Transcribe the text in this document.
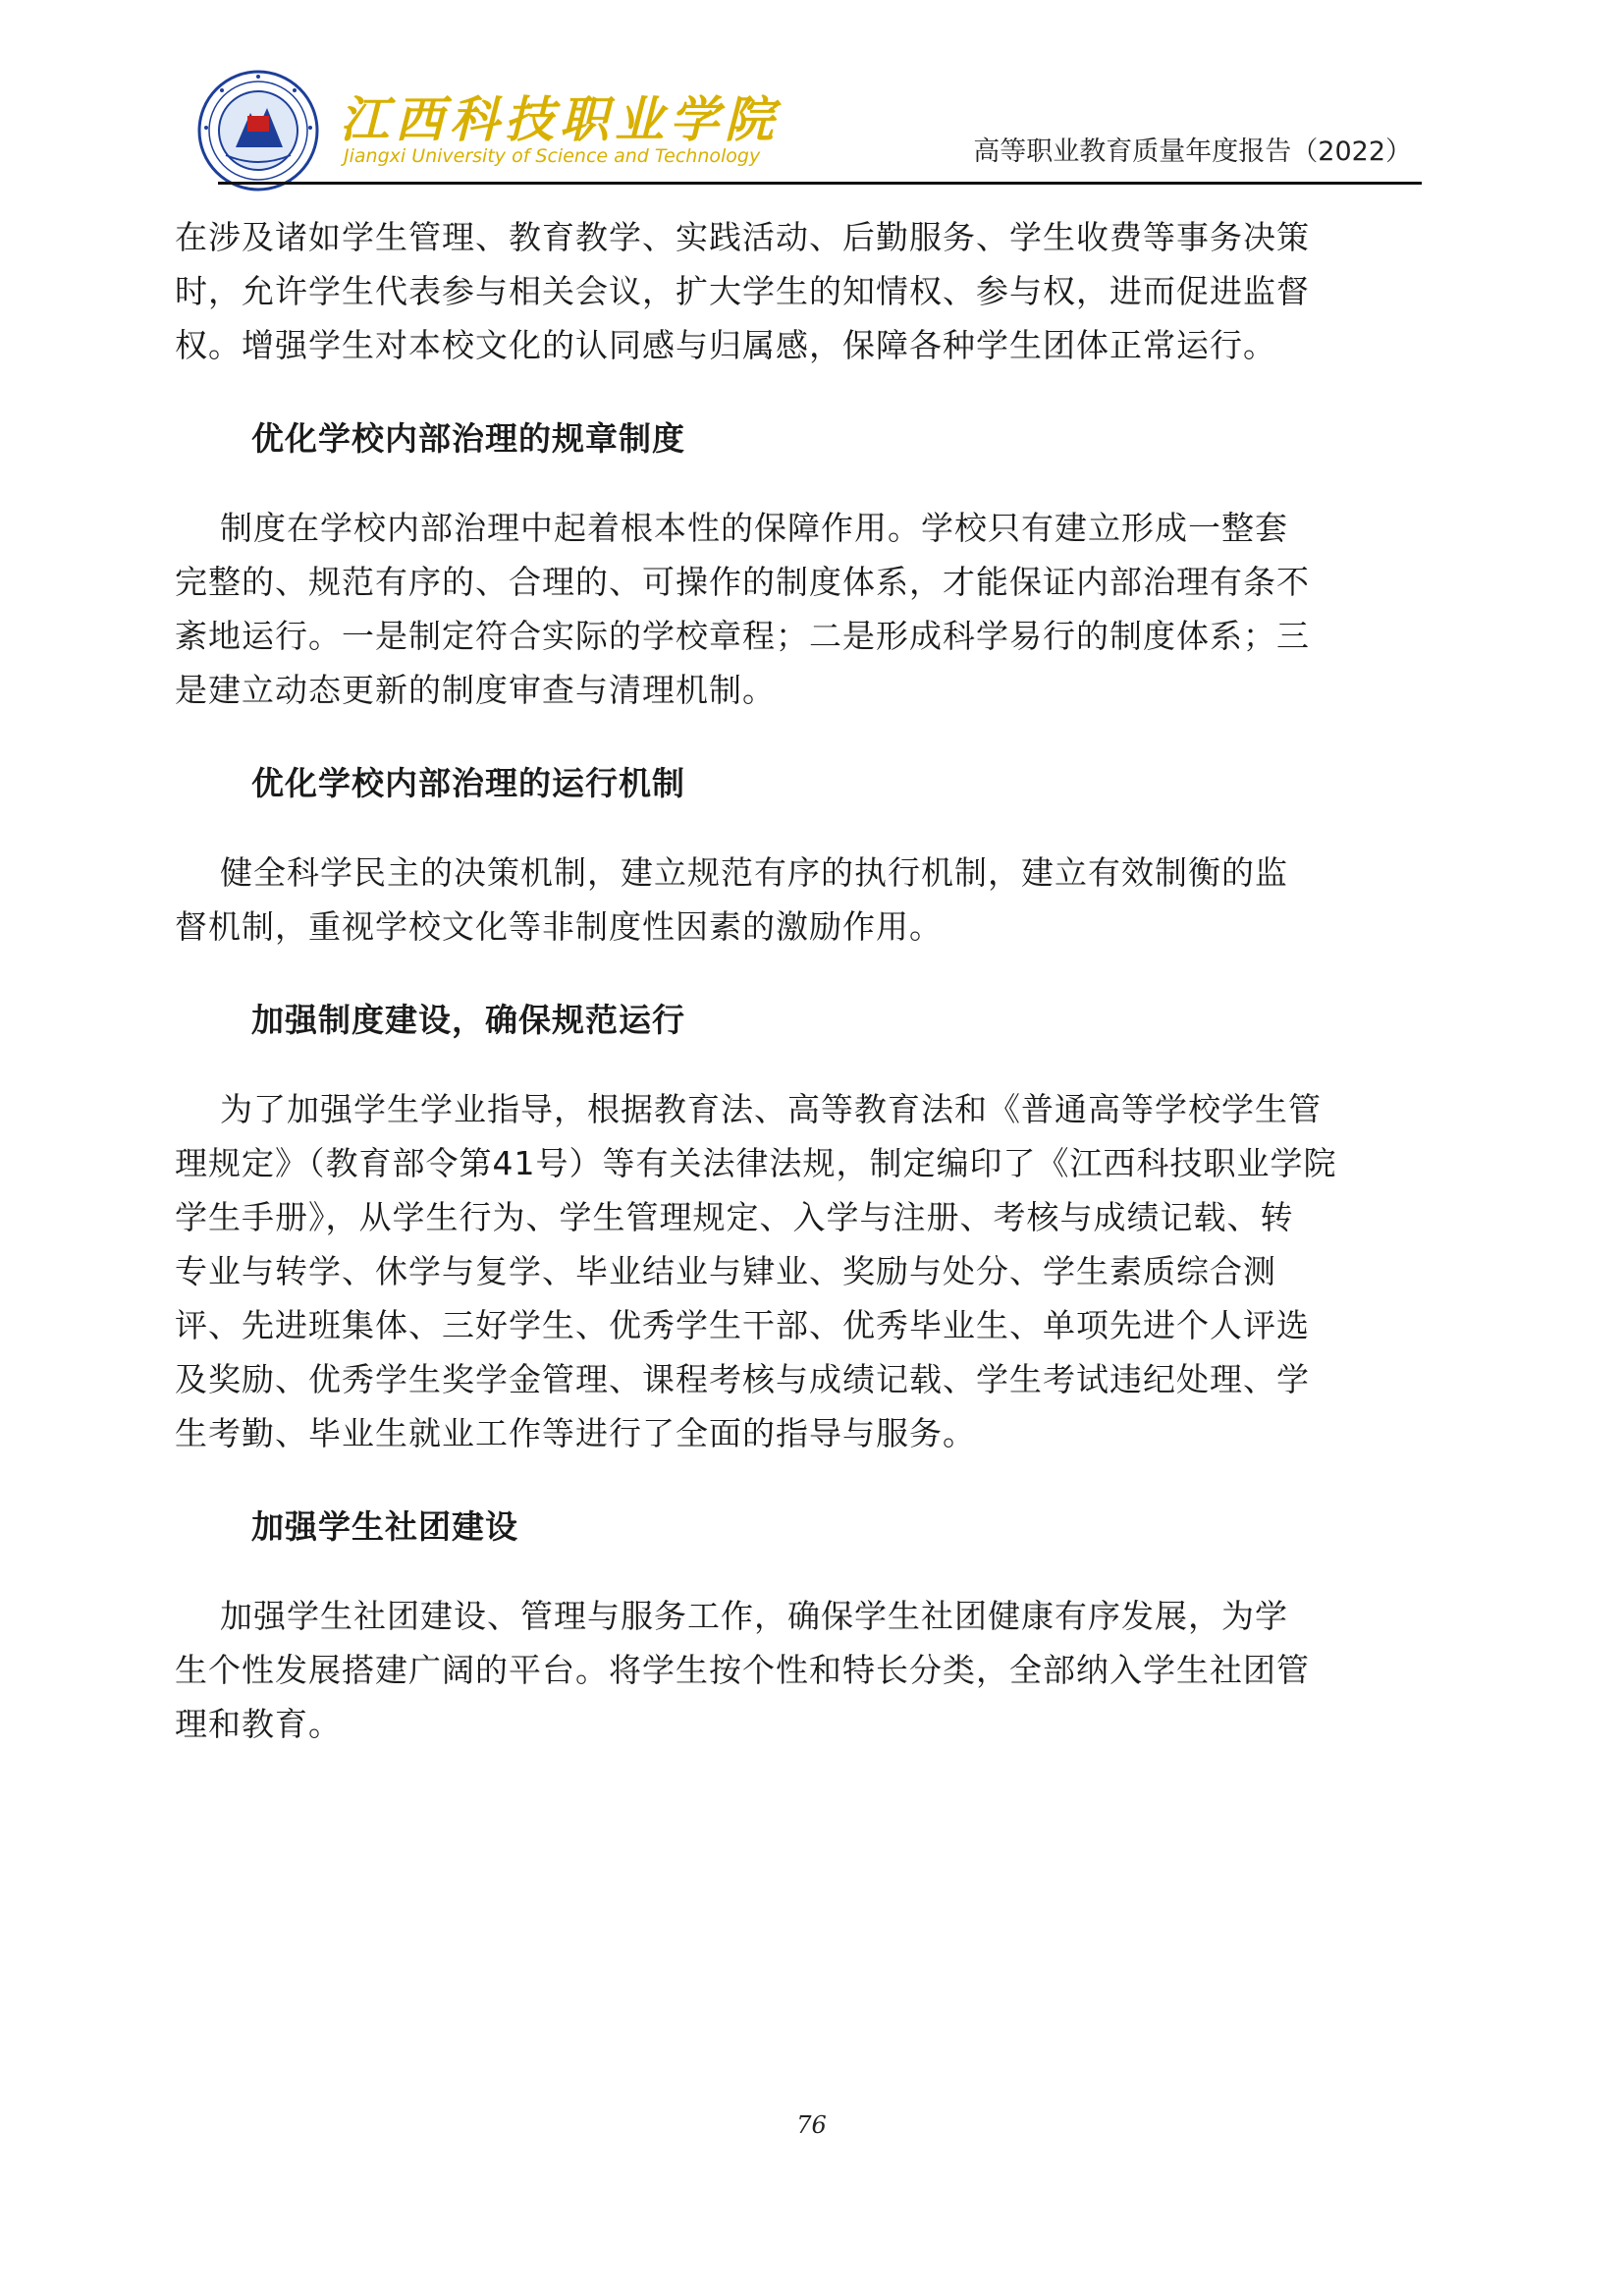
江西科技职业学院
Jiangxi University of Science and Technology	高等职业教育质量年度报告（2022）

在涉及诸如学生管理、教育教学、实践活动、后勤服务、学生收费等事务决策
时，允许学生代表参与相关会议，扩大学生的知情权、参与权，进而促进监督
权。增强学生对本校文化的认同感与归属感，保障各种学生团体正常运行。

优化学校内部治理的规章制度

制度在学校内部治理中起着根本性的保障作用。学校只有建立形成一整套
完整的、规范有序的、合理的、可操作的制度体系，才能保证内部治理有条不
紊地运行。一是制定符合实际的学校章程；二是形成科学易行的制度体系；三
是建立动态更新的制度审查与清理机制。

优化学校内部治理的运行机制

健全科学民主的决策机制，建立规范有序的执行机制，建立有效制衡的监
督机制，重视学校文化等非制度性因素的激励作用。

加强制度建设，确保规范运行

为了加强学生学业指导，根据教育法、高等教育法和《普通高等学校学生管
理规定》（教育部令第41号）等有关法律法规，制定编印了《江西科技职业学院
学生手册》，从学生行为、学生管理规定、入学与注册、考核与成绩记载、转
专业与转学、休学与复学、毕业结业与肄业、奖励与处分、学生素质综合测
评、先进班集体、三好学生、优秀学生干部、优秀毕业生、单项先进个人评选
及奖励、优秀学生奖学金管理、课程考核与成绩记载、学生考试违纪处理、学
生考勤、毕业生就业工作等进行了全面的指导与服务。

加强学生社团建设

加强学生社团建设、管理与服务工作，确保学生社团健康有序发展，为学
生个性发展搭建广阔的平台。将学生按个性和特长分类，全部纳入学生社团管
理和教育。

76
